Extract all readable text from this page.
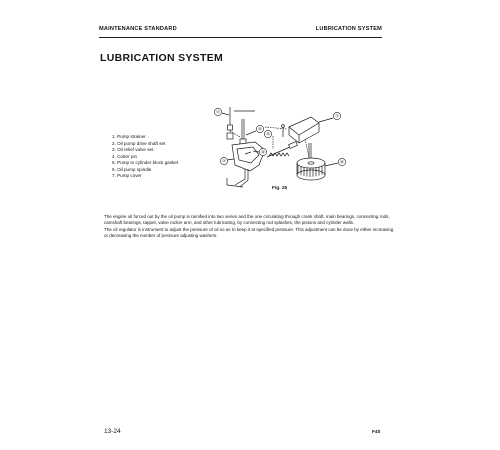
MAINTENANCE STANDARD	LUBRICATION SYSTEM
LUBRICATION SYSTEM
1. Pump strainer
2. Oil pump drive shaft set
3. Oil relief valve set
4. Cotter pin
5. Pump to cylinder block gasket
6. Oil pump spindle
7. Pump cover
①
⑤
④
②
③
⑦
⑥
Fig. 25

The engine oil forced out by the oil pump is ramified into two series and the one circulating through crank shaft, main bearings, connecting rods, camshaft bearings, tappet, valve rocker arm, and other lubricating, by connecting rod splashes, the pistons and cylinder walls.

The oil regulator is instrument to adjust the pressure of oil so as to keep it at specified pressure. This adjustment can be done by either increasing or decreasing the number of pressure adjusting washers.

13-24	F40
